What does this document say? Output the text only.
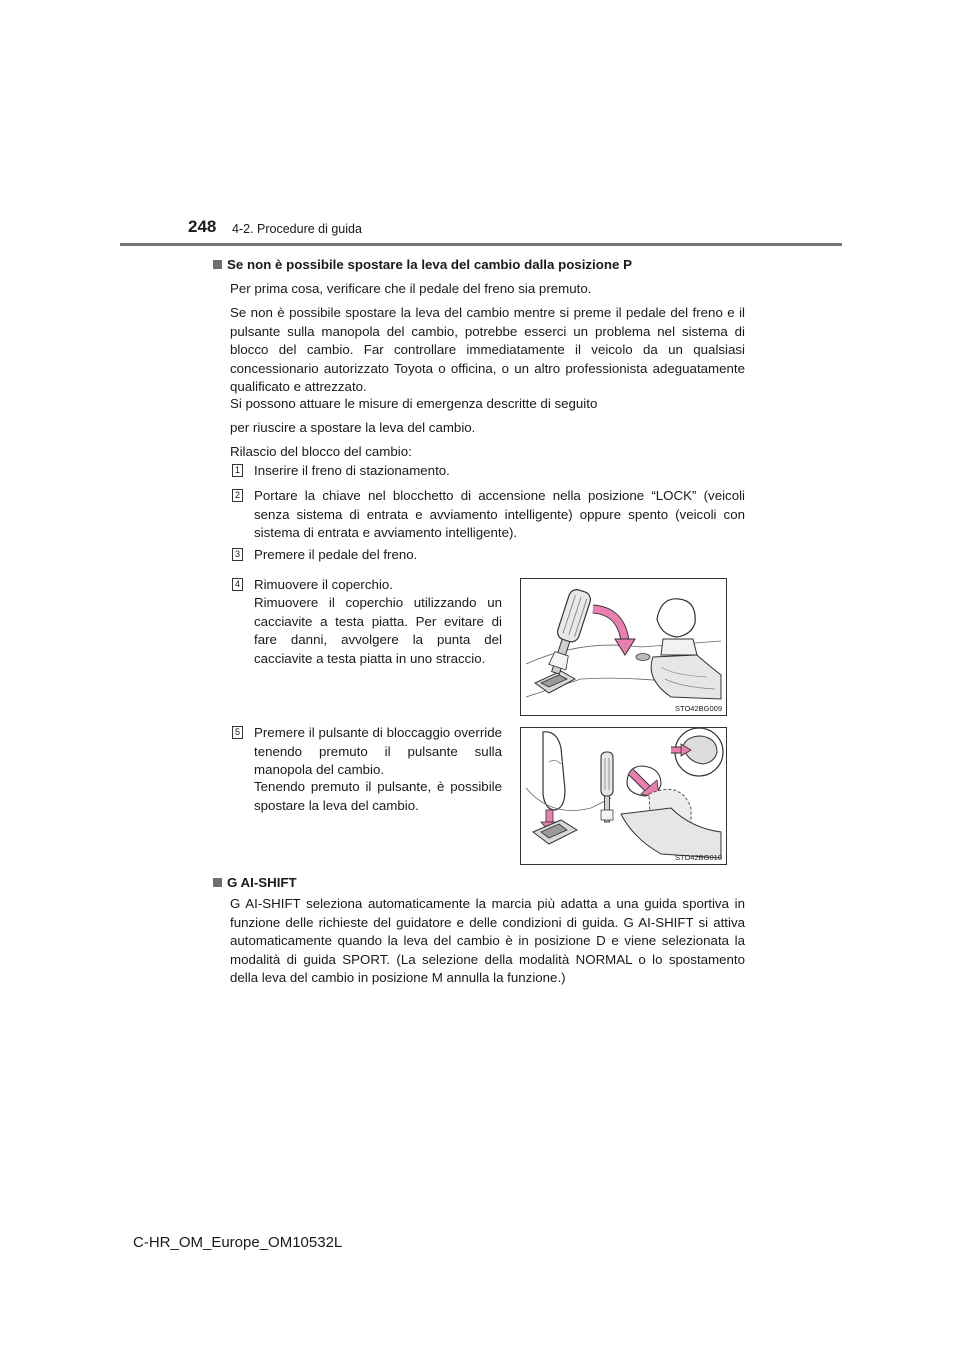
248 4-2. Procedure di guida
Se non è possibile spostare la leva del cambio dalla posizione P
Per prima cosa, verificare che il pedale del freno sia premuto.
Se non è possibile spostare la leva del cambio mentre si preme il pedale del freno e il pulsante sulla manopola del cambio, potrebbe esserci un problema nel sistema di blocco del cambio. Far controllare immediatamente il veicolo da un qualsiasi concessionario autorizzato Toyota o officina, o un altro professionista adeguatamente qualificato e attrezzato.
Si possono attuare le misure di emergenza descritte di seguito
per riuscire a spostare la leva del cambio.
Rilascio del blocco del cambio:
1 Inserire il freno di stazionamento.
2 Portare la chiave nel blocchetto di accensione nella posizione “LOCK” (veicoli senza sistema di entrata e avviamento intelligente) oppure spento (veicoli con sistema di entrata e avviamento intelligente).
3 Premere il pedale del freno.
4 Rimuovere il coperchio.
Rimuovere il coperchio utilizzando un cacciavite a testa piatta. Per evitare di fare danni, avvolgere la punta del cacciavite a testa piatta in uno straccio.
STO42BG009
5 Premere il pulsante di bloccaggio override tenendo premuto il pulsante sulla manopola del cambio.
Tenendo premuto il pulsante, è possibile spostare la leva del cambio.
STO42BG010
G AI-SHIFT
G AI-SHIFT seleziona automaticamente la marcia più adatta a una guida sportiva in funzione delle richieste del guidatore e delle condizioni di guida. G AI-SHIFT si attiva automaticamente quando la leva del cambio è in posizione D e viene selezionata la modalità di guida SPORT. (La selezione della modalità NORMAL o lo spostamento della leva del cambio in posizione M annulla la funzione.)
C-HR_OM_Europe_OM10532L
